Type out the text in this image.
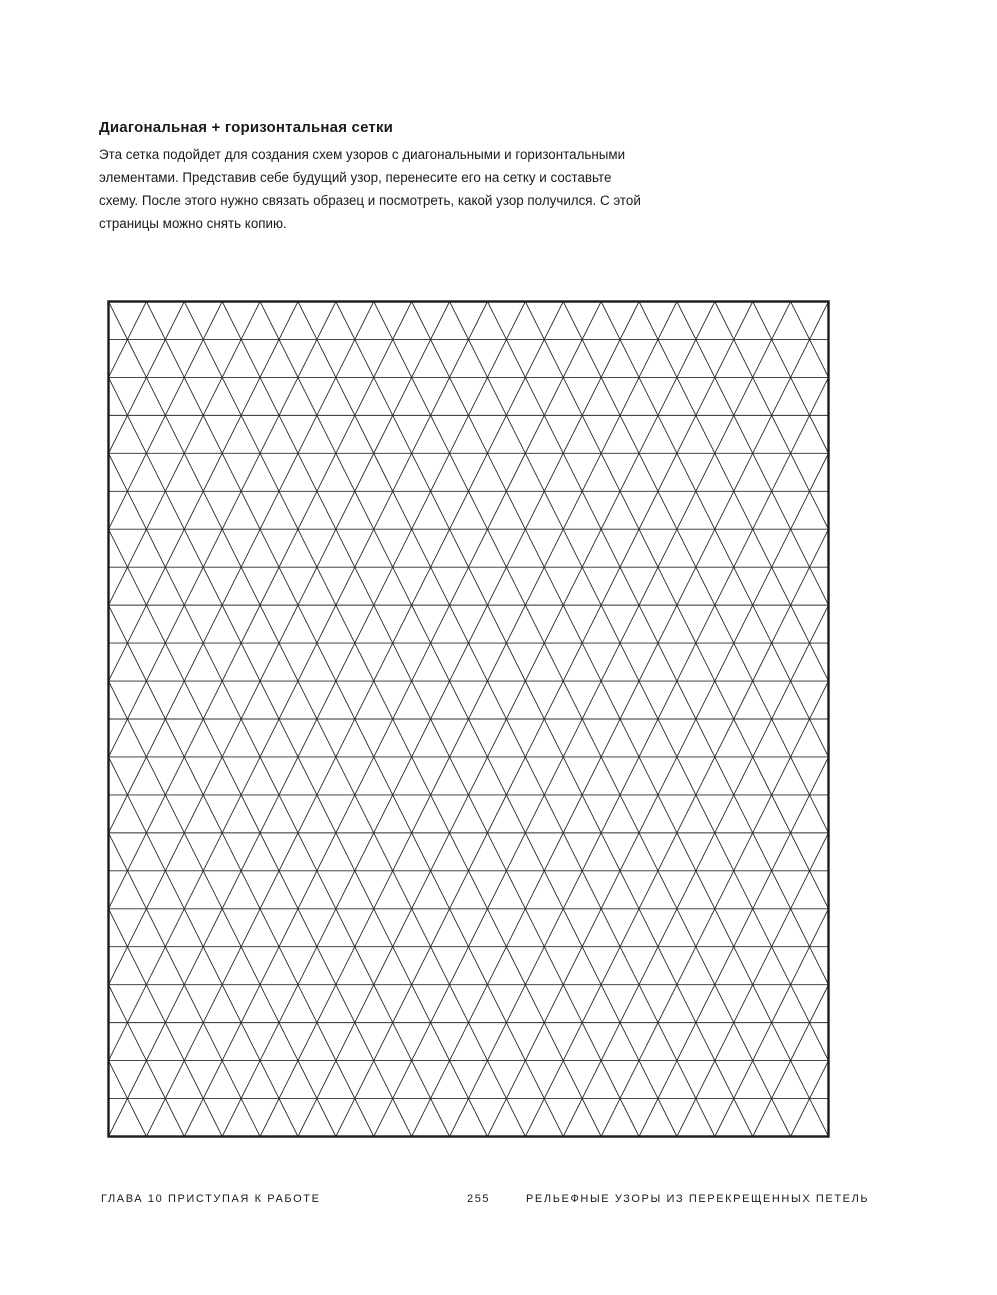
Диагональная + горизонтальная сетки

Эта сетка подойдет для создания схем узоров с диагональными и горизонтальными
элементами. Представив себе будущий узор, перенесите его на сетку и составьте
схему. После этого нужно связать образец и посмотреть, какой узор получился. С этой
страницы можно снять копию.

ГЛАВА 10 ПРИСТУПАЯ К РАБОТЕ	255	РЕЛЬЕФНЫЕ УЗОРЫ ИЗ ПЕРЕКРЕЩЕННЫХ ПЕТЕЛЬ
